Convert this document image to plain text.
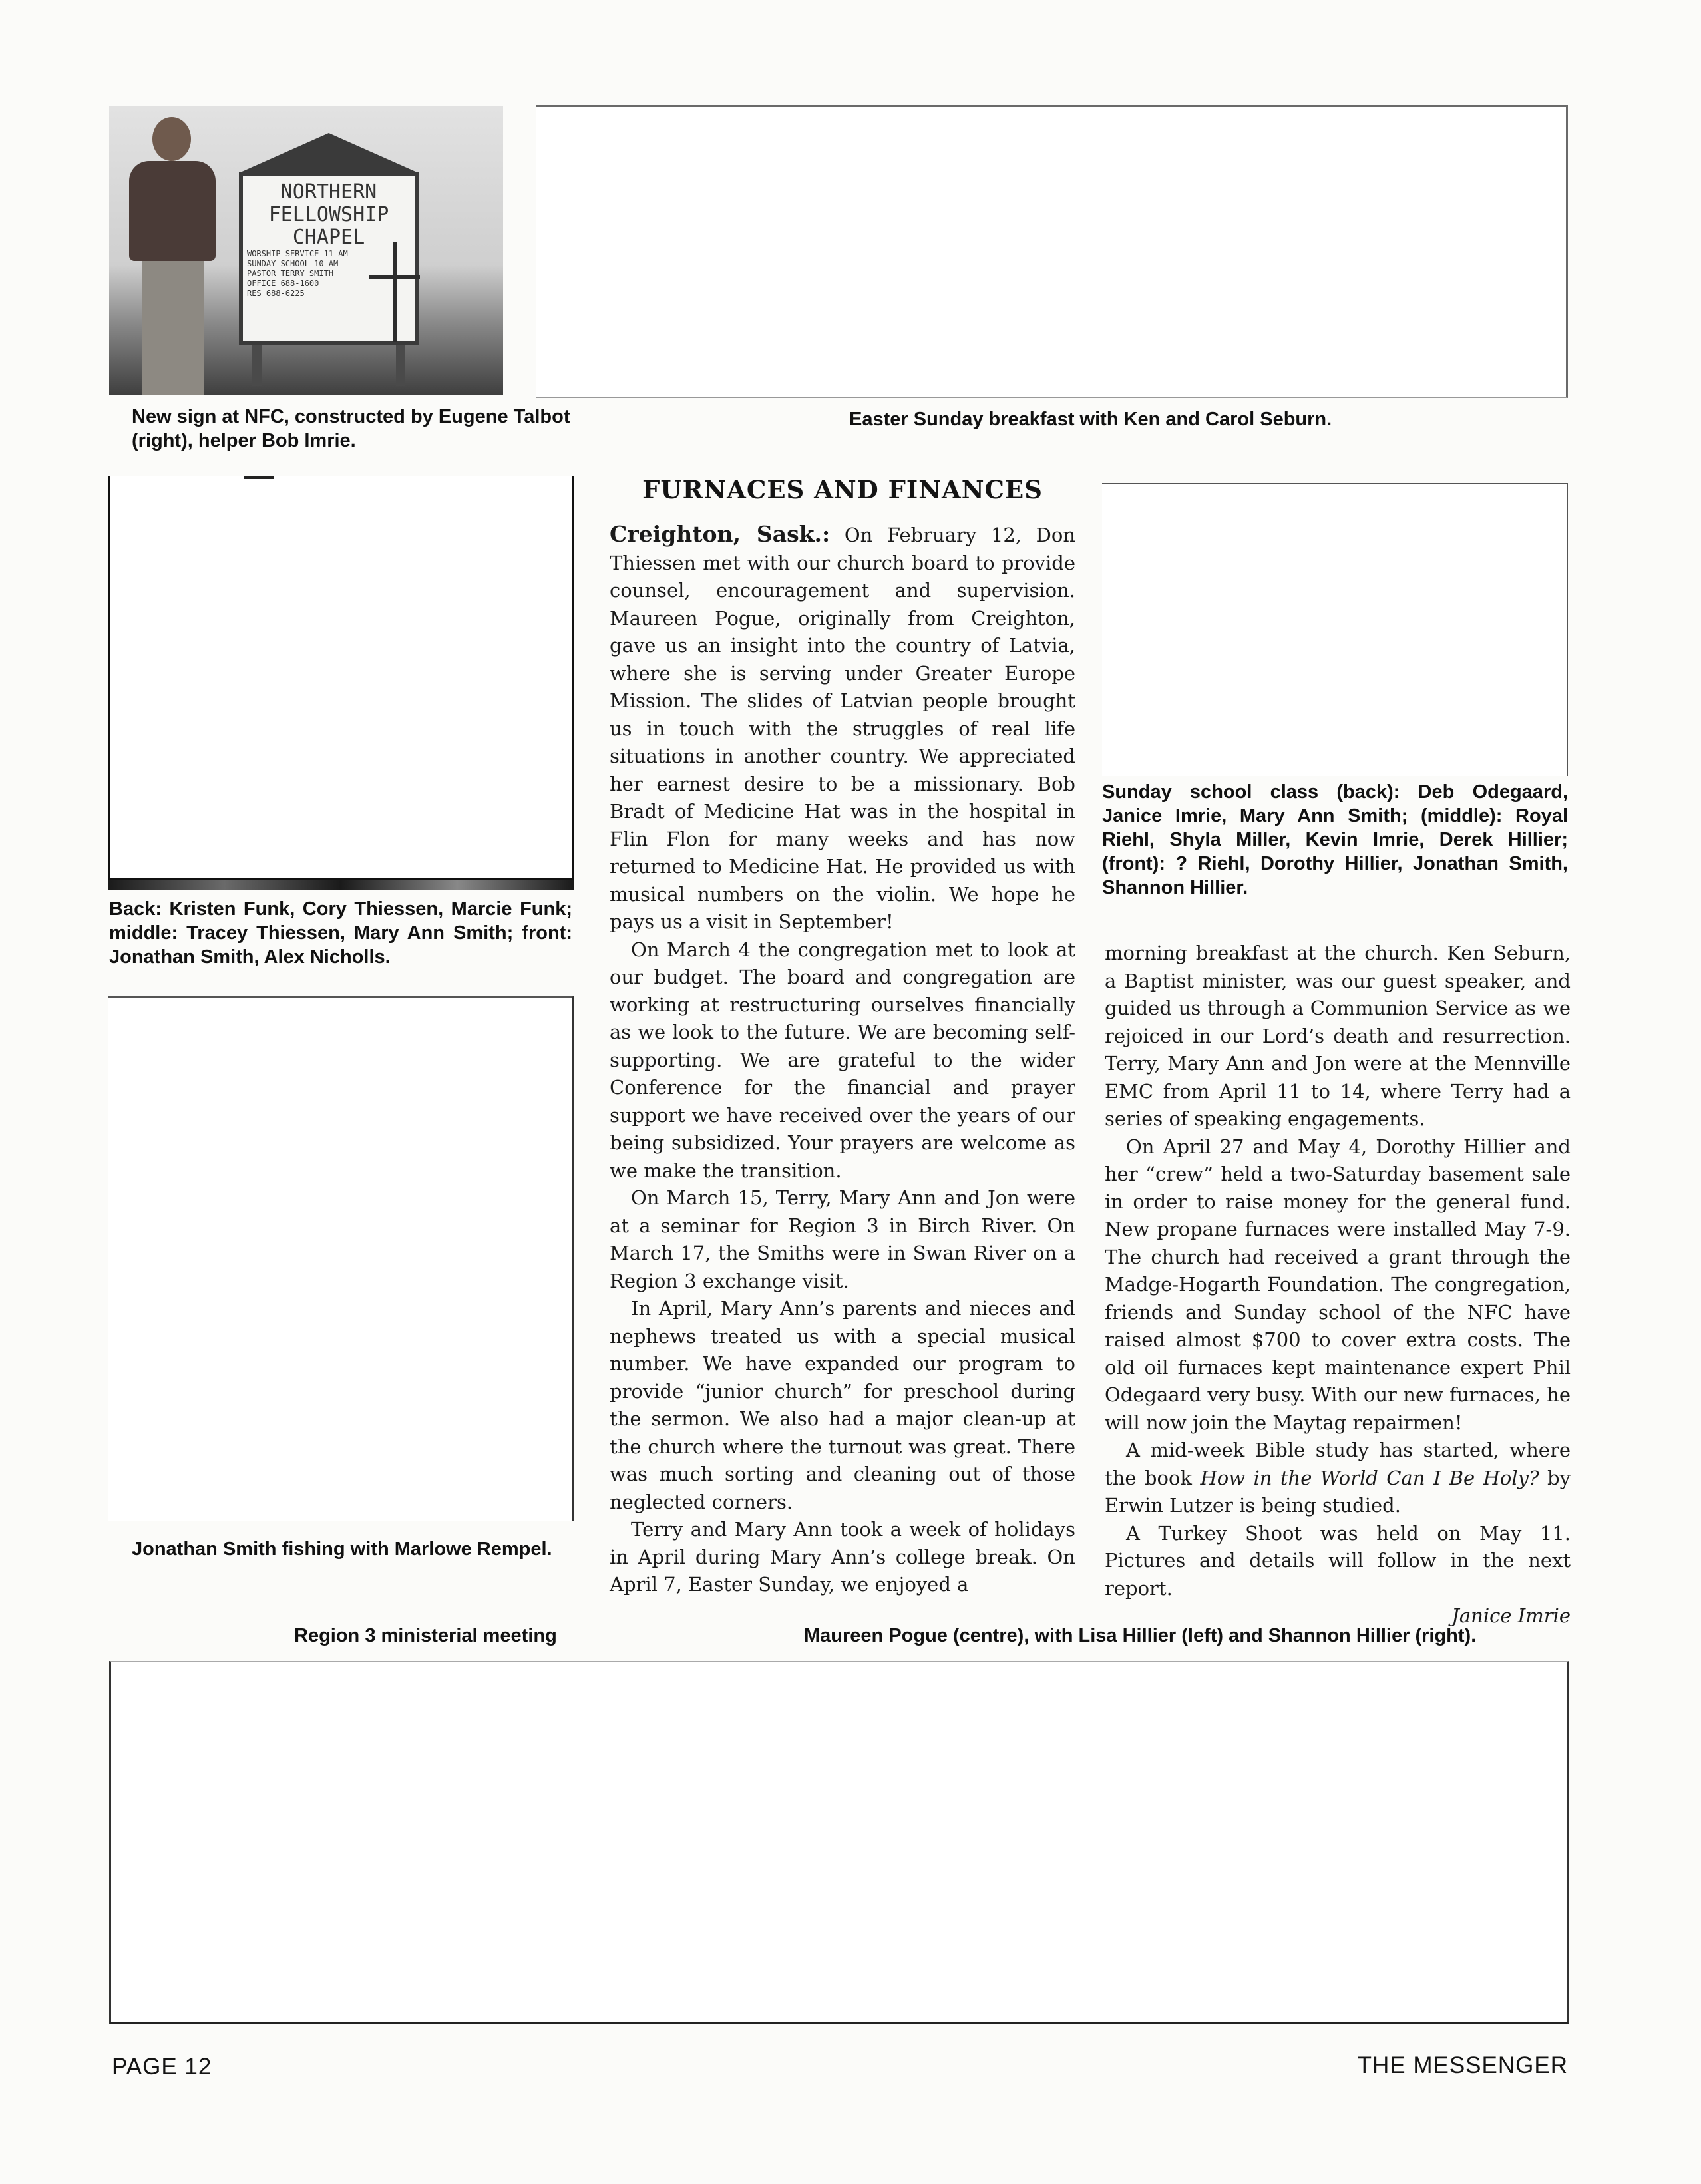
NORTHERN
FELLOWSHIP
CHAPEL
WORSHIP SERVICE 11 AM
SUNDAY SCHOOL 10 AM
PASTOR TERRY SMITH
OFFICE 688-1600
RES 688-6225
New sign at NFC, constructed by Eugene Talbot (right), helper Bob Imrie.
Easter Sunday breakfast with Ken and Carol Seburn.
Back: Kristen Funk, Cory Thiessen, Marcie Funk; middle: Tracey Thiessen, Mary Ann Smith; front: Jonathan Smith, Alex Nicholls.
Sunday school class (back): Deb Odegaard, Janice Imrie, Mary Ann Smith; (middle): Royal Riehl, Shyla Miller, Kevin Imrie, Derek Hillier; (front): ? Riehl, Dorothy Hillier, Jonathan Smith, Shannon Hillier.
Jonathan Smith fishing with Marlowe Rempel.
FURNACES AND FINANCES

Creighton, Sask.: On February 12, Don Thiessen met with our church board to provide counsel, encouragement and supervision. Maureen Pogue, originally from Creighton, gave us an insight into the country of Latvia, where she is serving under Greater Europe Mission. The slides of Latvian people brought us in touch with the struggles of real life situations in another country. We appreciated her earnest desire to be a missionary. Bob Bradt of Medicine Hat was in the hospital in Flin Flon for many weeks and has now returned to Medicine Hat. He provided us with musical numbers on the violin. We hope he pays us a visit in September!

On March 4 the congregation met to look at our budget. The board and congregation are working at restructuring ourselves financially as we look to the future. We are becoming self-supporting. We are grateful to the wider Conference for the financial and prayer support we have received over the years of our being subsidized. Your prayers are welcome as we make the transition.

On March 15, Terry, Mary Ann and Jon were at a seminar for Region 3 in Birch River. On March 17, the Smiths were in Swan River on a Region 3 exchange visit.

In April, Mary Ann’s parents and nieces and nephews treated us with a special musical number. We have expanded our program to provide “junior church” for preschool during the sermon. We also had a major clean-up at the church where the turnout was great. There was much sorting and cleaning out of those neglected corners.

Terry and Mary Ann took a week of holidays in April during Mary Ann’s college break. On April 7, Easter Sunday, we enjoyed a

morning breakfast at the church. Ken Seburn, a Baptist minister, was our guest speaker, and guided us through a Communion Service as we rejoiced in our Lord’s death and resurrection. Terry, Mary Ann and Jon were at the Mennville EMC from April 11 to 14, where Terry had a series of speaking engagements.

On April 27 and May 4, Dorothy Hillier and her “crew” held a two-Saturday basement sale in order to raise money for the general fund. New propane furnaces were installed May 7-9. The church had received a grant through the Madge-Hogarth Foundation. The congregation, friends and Sunday school of the NFC have raised almost $700 to cover extra costs. The old oil furnaces kept maintenance expert Phil Odegaard very busy. With our new furnaces, he will now join the Maytag repairmen!

A mid-week Bible study has started, where the book How in the World Can I Be Holy? by Erwin Lutzer is being studied.

A Turkey Shoot was held on May 11. Pictures and details will follow in the next report.

Janice Imrie

Region 3 ministerial meeting	Maureen Pogue (centre), with Lisa Hillier (left) and Shannon Hillier (right).
PAGE 12	THE MESSENGER
